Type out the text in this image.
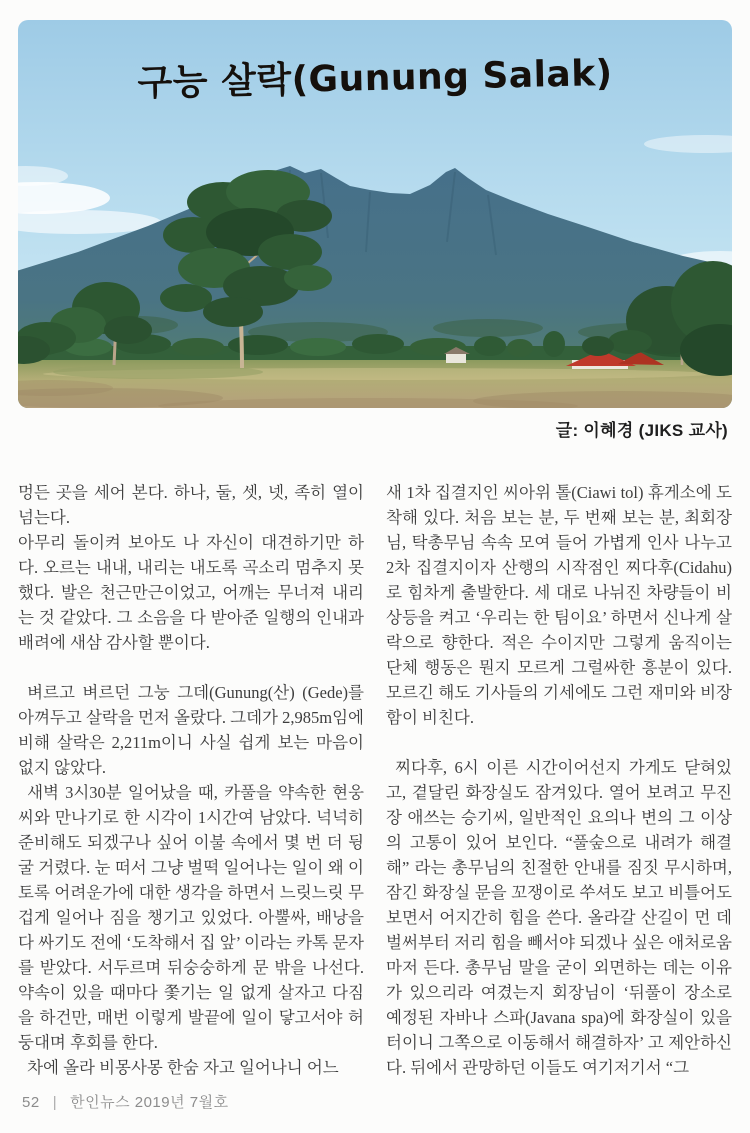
구능 살락(Gunung Salak)
글: 이혜경 (JIKS 교사)

멍든 곳을 세어 본다. 하나, 둘, 셋, 넷, 족히 열이 넘는다.

아무리 돌이켜 보아도 나 자신이 대견하기만 하다. 오르는 내내, 내리는 내도록 곡소리 멈추지 못했다. 발은 천근만근이었고, 어깨는 무너져 내리는 것 같았다. 그 소음을 다 받아준 일행의 인내과 배려에 새삼 감사할 뿐이다.

벼르고 벼르던 그눙 그데(Gunung(산) (Gede)를 아껴두고 살락을 먼저 올랐다. 그데가 2,985m임에 비해 살락은 2,211m이니 사실 쉽게 보는 마음이 없지 않았다.

새벽 3시30분 일어났을 때, 카풀을 약속한 현웅씨와 만나기로 한 시각이 1시간여 남았다. 넉넉히 준비해도 되겠구나 싶어 이불 속에서 몇 번 더 뒹굴 거렸다. 눈 떠서 그냥 벌떡 일어나는 일이 왜 이토록 어려운가에 대한 생각을 하면서 느릿느릿 무겁게 일어나 짐을 챙기고 있었다. 아뿔싸, 배낭을 다 싸기도 전에 ‘도착해서 집 앞’ 이라는 카톡 문자를 받았다. 서두르며 뒤숭숭하게 문 밖을 나선다. 약속이 있을 때마다 쫓기는 일 없게 살자고 다짐을 하건만, 매번 이렇게 발끝에 일이 닿고서야 허둥대며 후회를 한다.

차에 올라 비몽사몽 한숨 자고 일어나니 어느

새 1차 집결지인 씨아위 톨(Ciawi tol) 휴게소에 도착해 있다. 처음 보는 분, 두 번째 보는 분, 최회장님, 탁총무님 속속 모여 들어 가볍게 인사 나누고 2차 집결지이자 산행의 시작점인 찌다후(Cidahu)로 힘차게 출발한다. 세 대로 나뉘진 차량들이 비상등을 켜고 ‘우리는 한 팀이요’ 하면서 신나게 살락으로 향한다. 적은 수이지만 그렇게 움직이는 단체 행동은 뭔지 모르게 그럴싸한 흥분이 있다. 모르긴 해도 기사들의 기세에도 그런 재미와 비장함이 비친다.

찌다후, 6시 이른 시간이어선지 가게도 닫혀있고, 곁달린 화장실도 잠겨있다. 열어 보려고 무진장 애쓰는 승기씨, 일반적인 요의나 변의 그 이상의 고통이 있어 보인다. “풀숲으로 내려가 해결해” 라는 총무님의 친절한 안내를 짐짓 무시하며, 잠긴 화장실 문을 꼬쟁이로 쑤셔도 보고 비틀어도 보면서 어지간히 힘을 쓴다. 올라갈 산길이 먼 데 벌써부터 저리 힘을 빼서야 되겠나 싶은 애처로움마저 든다. 총무님 말을 굳이 외면하는 데는 이유가 있으리라 여겼는지 회장님이 ‘뒤풀이 장소로 예정된 자바나 스파(Javana spa)에 화장실이 있을 터이니 그쪽으로 이동해서 해결하자’ 고 제안하신다. 뒤에서 관망하던 이들도 여기저기서 “그

52 | 한인뉴스 2019년 7월호
